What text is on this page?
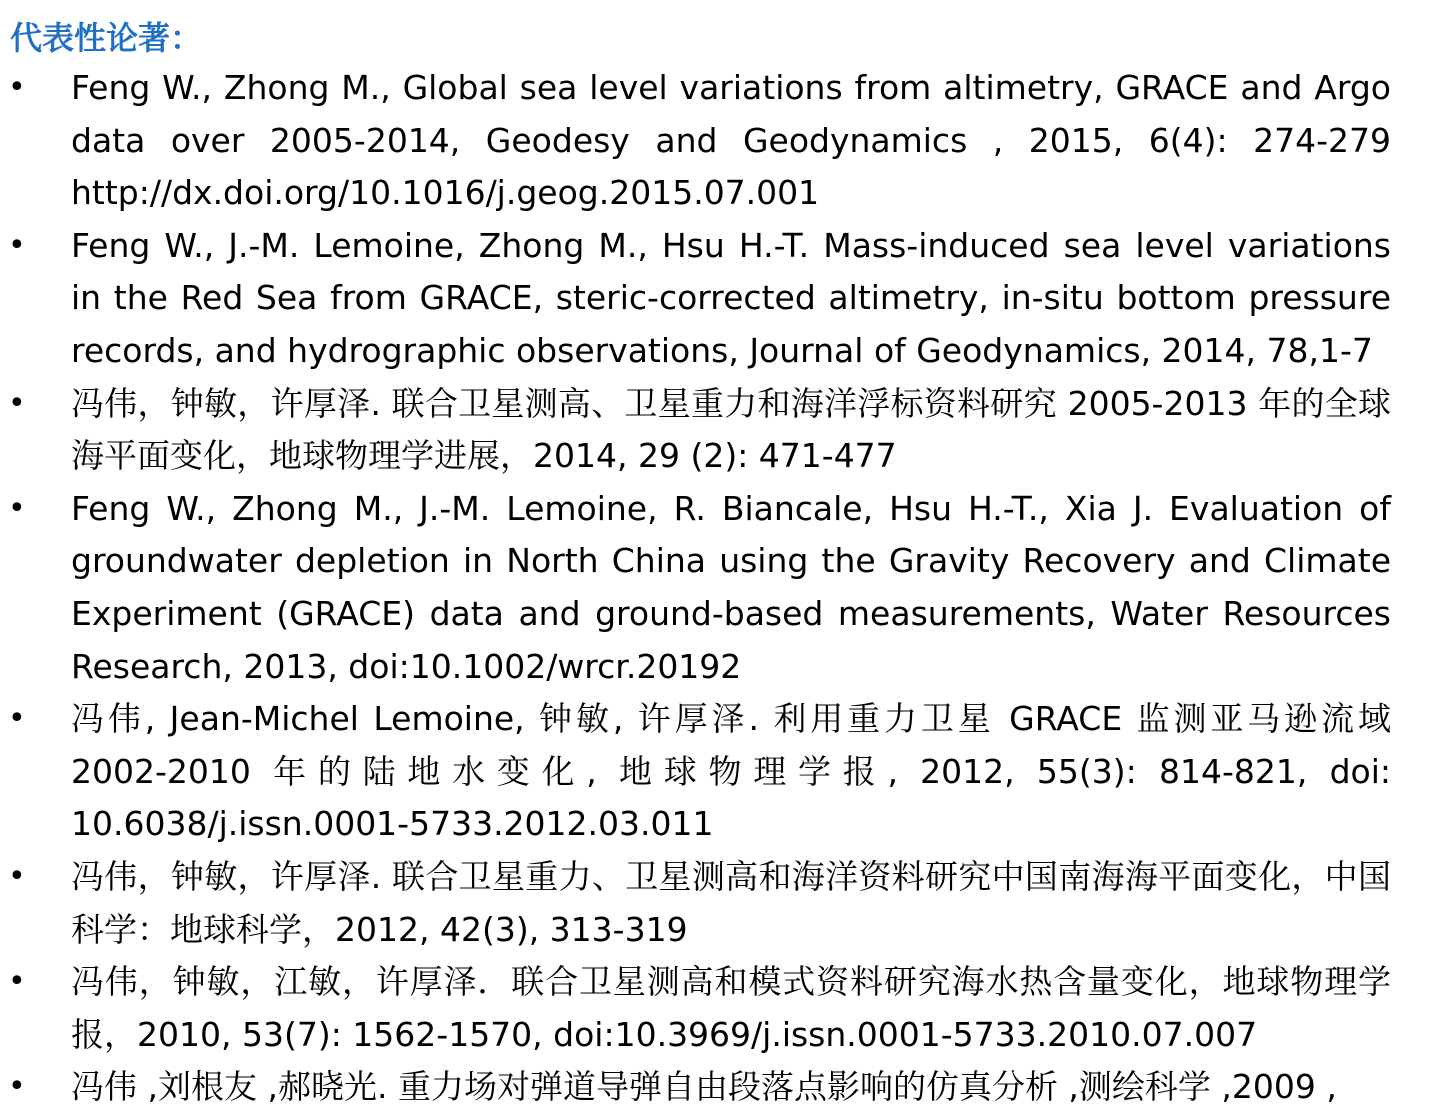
代表性论著：
• Feng W., Zhong M., Global sea level variations from altimetry, GRACE and Argo data over 2005-2014, Geodesy and Geodynamics , 2015, 6(4): 274-279 http://dx.doi.org/10.1016/j.geog.2015.07.001
• Feng W., J.-M. Lemoine, Zhong M., Hsu H.-T. Mass-induced sea level variations in the Red Sea from GRACE, steric-corrected altimetry, in-situ bottom pressure records, and hydrographic observations, Journal of Geodynamics, 2014, 78,1-7
• 冯伟，钟敏，许厚泽. 联合卫星测高、卫星重力和海洋浮标资料研究 2005-2013 年的全球海平面变化，地球物理学进展，2014, 29 (2): 471-477
• Feng W., Zhong M., J.-M. Lemoine, R. Biancale, Hsu H.-T., Xia J. Evaluation of groundwater depletion in North China using the Gravity Recovery and Climate Experiment (GRACE) data and ground-based measurements, Water Resources Research, 2013, doi:10.1002/wrcr.20192
• 冯伟, Jean-Michel Lemoine, 钟敏, 许厚泽. 利用重力卫星 GRACE 监测亚马逊流域 2002-2010 年的陆地水变化, 地球物理学报, 2012, 55(3): 814-821, doi: 10.6038/j.issn.0001-5733.2012.03.011
• 冯伟，钟敏，许厚泽. 联合卫星重力、卫星测高和海洋资料研究中国南海海平面变化，中国科学：地球科学，2012, 42(3), 313-319
• 冯伟，钟敏，江敏，许厚泽．联合卫星测高和模式资料研究海水热含量变化，地球物理学报，2010, 53(7): 1562-1570, doi:10.3969/j.issn.0001-5733.2010.07.007
• 冯伟 ,刘根友 ,郝晓光. 重力场对弹道导弹自由段落点影响的仿真分析 ,测绘科学 ,2009 ,
